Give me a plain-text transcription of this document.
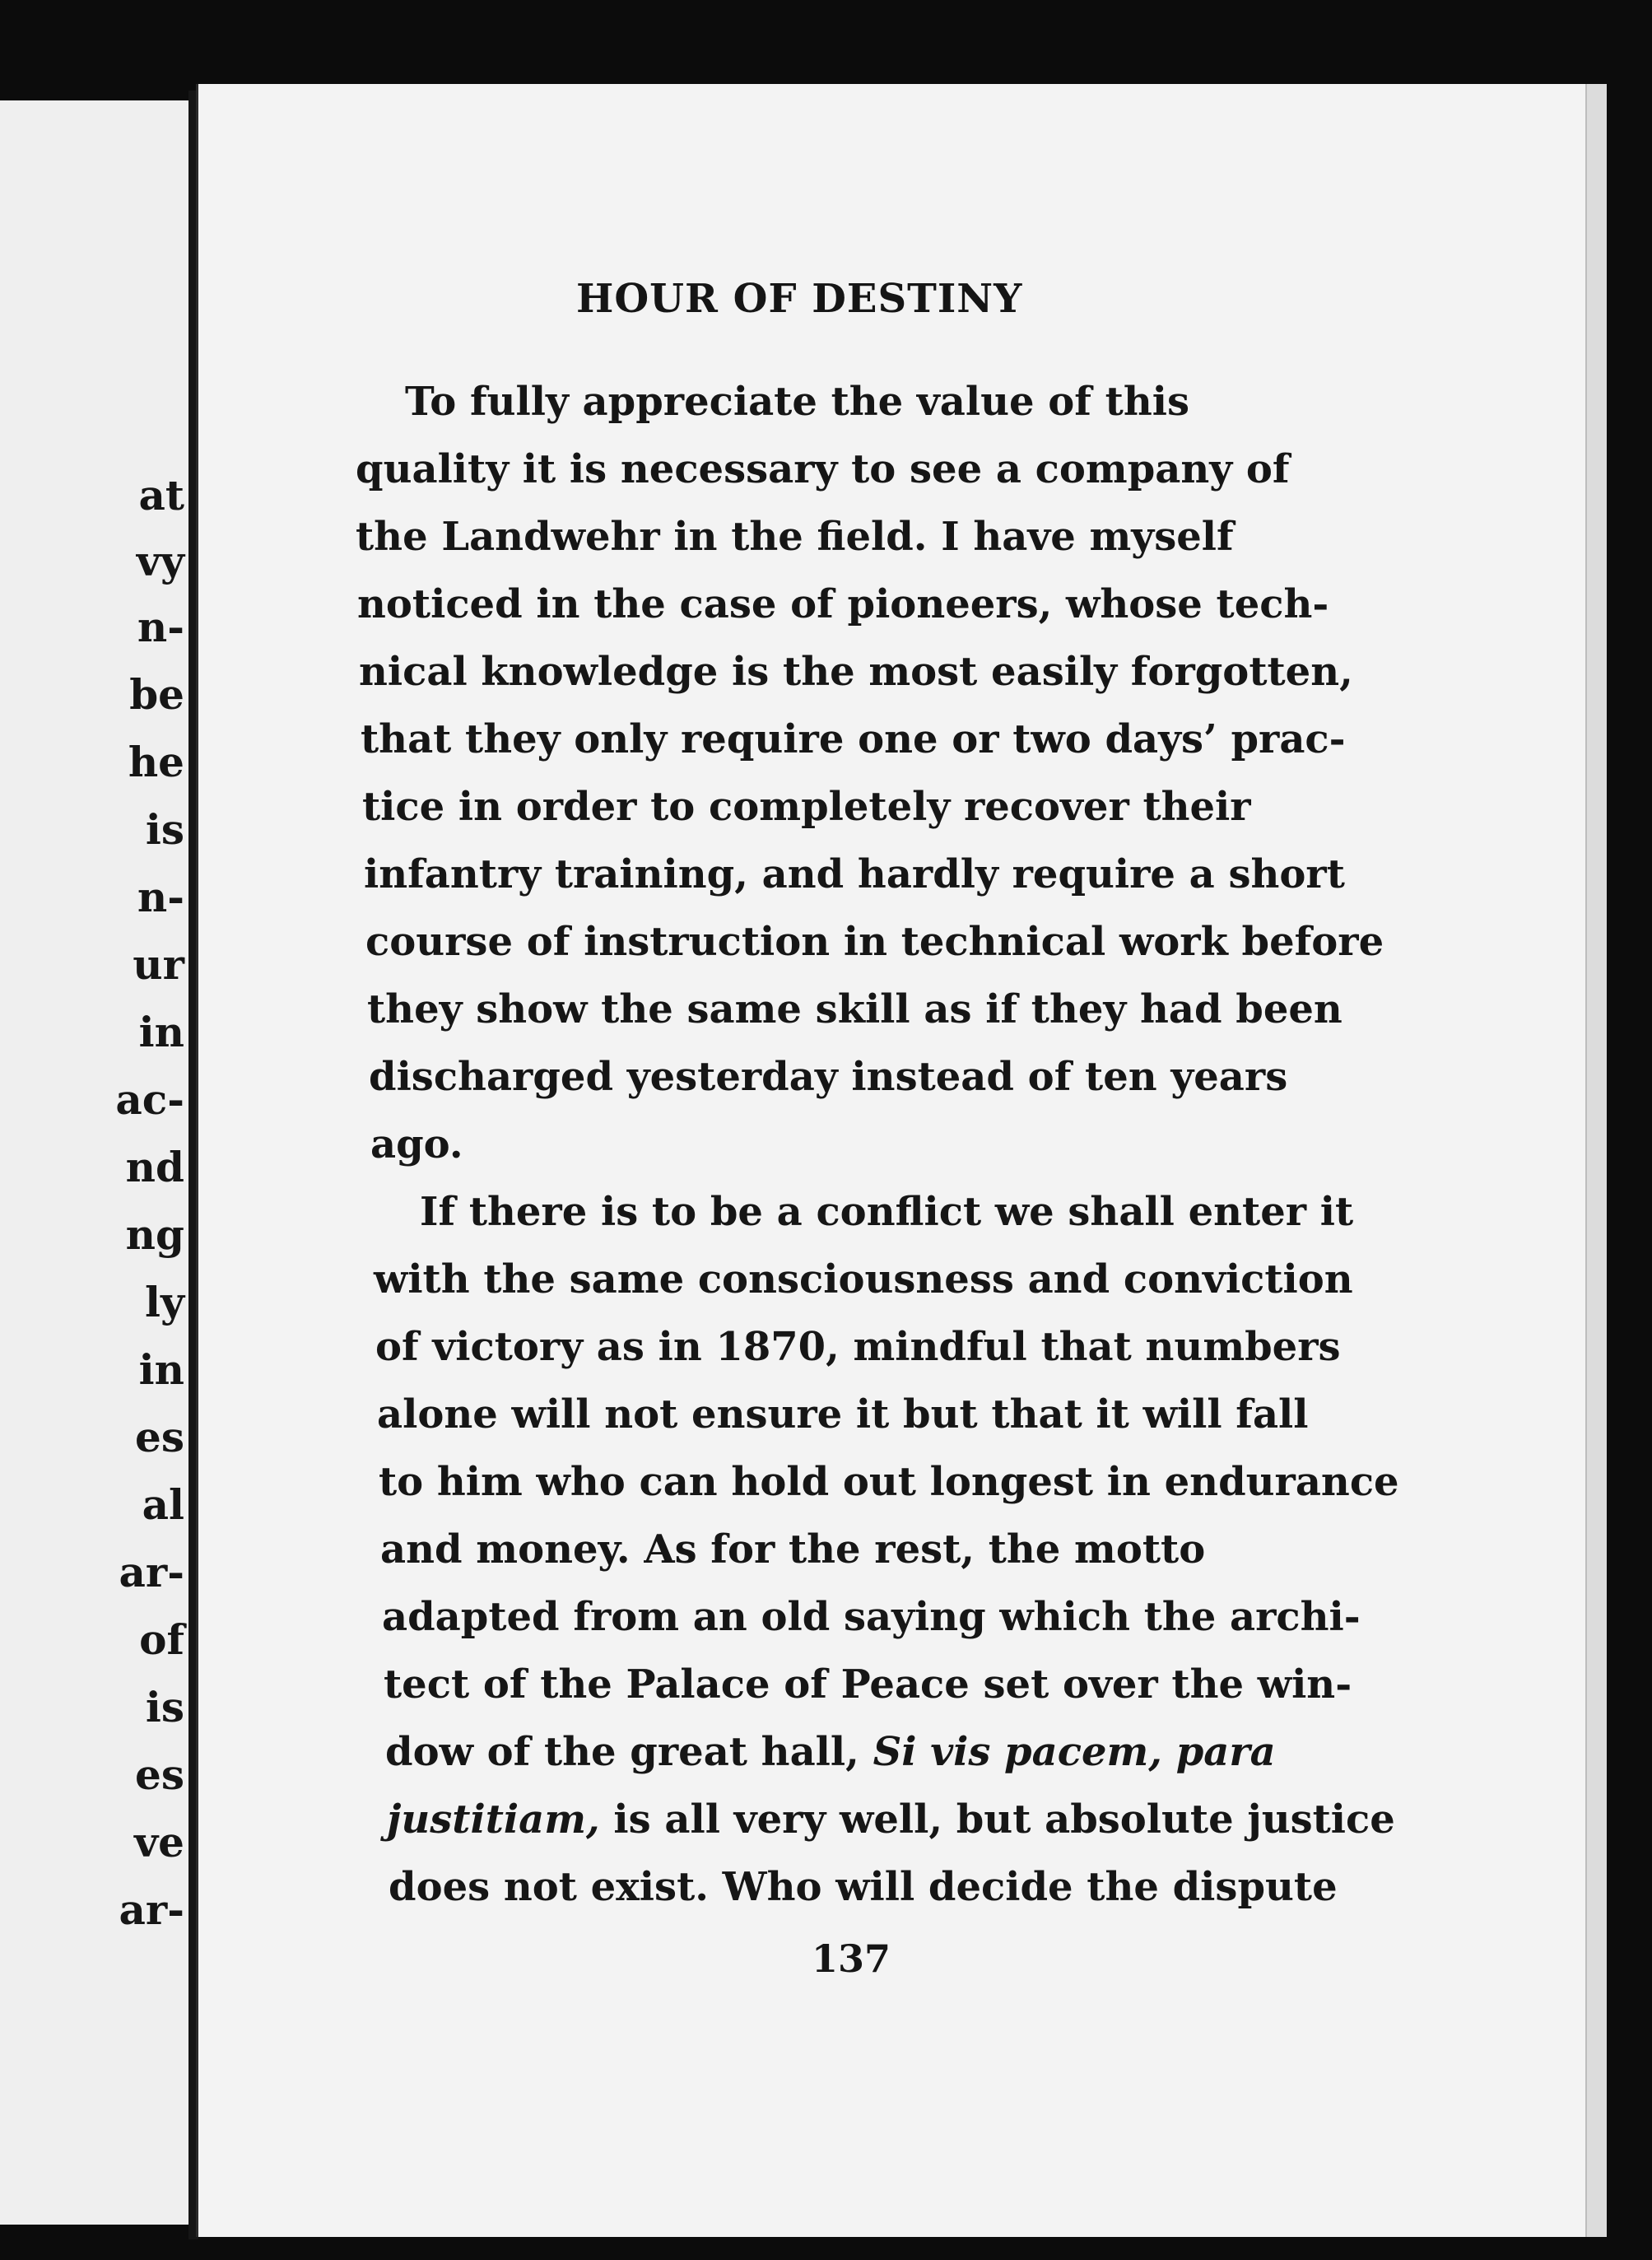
at
vy
n-
be
he
is
n-
ur
in
ac-
nd
ng
ly
in
es
al
ar-
of
is
es
ve
ar-
HOUR OF DESTINY
To fully appreciate the value of this
quality it is necessary to see a company of
the Landwehr in the field. I have myself
noticed in the case of pioneers, whose tech-
nical knowledge is the most easily forgotten,
that they only require one or two days’ prac-
tice in order to completely recover their
infantry training, and hardly require a short
course of instruction in technical work before
they show the same skill as if they had been
discharged yesterday instead of ten years
ago.
If there is to be a conflict we shall enter it
with the same consciousness and conviction
of victory as in 1870, mindful that numbers
alone will not ensure it but that it will fall
to him who can hold out longest in endurance
and money. As for the rest, the motto
adapted from an old saying which the archi-
tect of the Palace of Peace set over the win-
dow of the great hall, Si vis pacem, para
justitiam, is all very well, but absolute justice
does not exist. Who will decide the dispute
137
